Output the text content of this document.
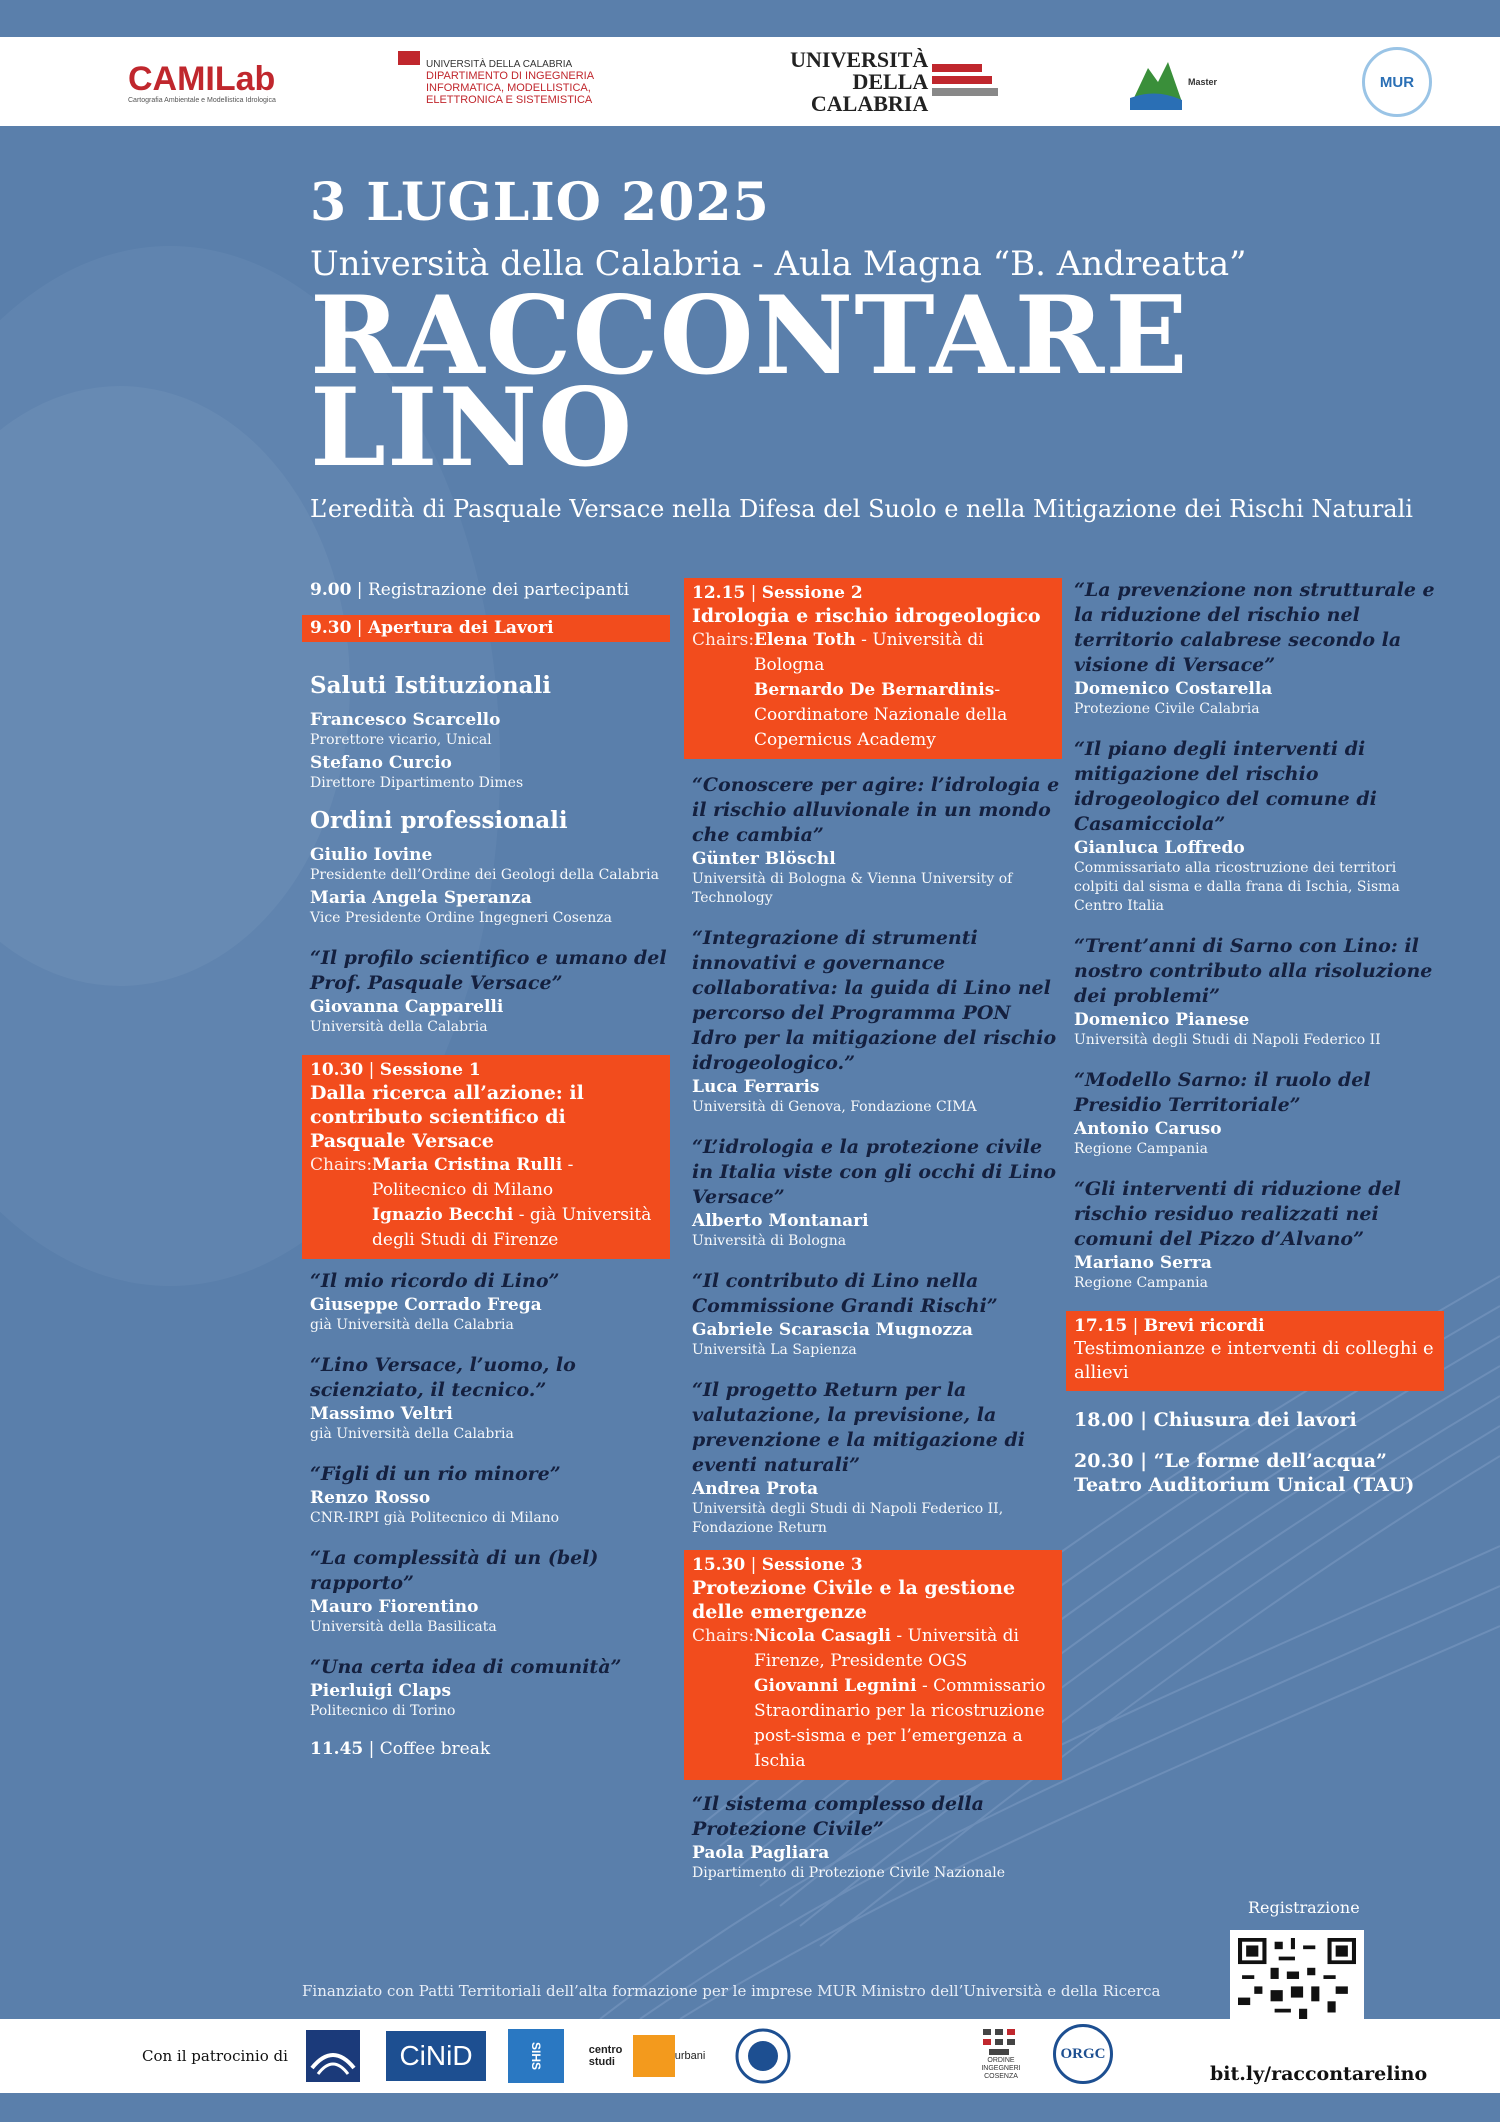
CAMILab
Cartografia Ambientale e Modellistica Idrologica
UNIVERSITÀ DELLA CALABRIA
DIPARTIMENTO DI INGEGNERIA INFORMATICA, MODELLISTICA, ELETTRONICA E SISTEMISTICA
UNIVERSITÀ
DELLA CALABRIA
Master	MUR
3 LUGLIO 2025
Università della Calabria - Aula Magna “B. Andreatta”
RACCONTARE
LINO
L’eredità di Pasquale Versace nella Difesa del Suolo e nella Mitigazione dei Rischi Naturali
9.00 | Registrazione dei partecipanti
9.30 | Apertura dei Lavori
Saluti Istituzionali
Francesco Scarcello
Prorettore vicario, Unical
Stefano Curcio
Direttore Dipartimento Dimes
Ordini professionali
Giulio Iovine
Presidente dell’Ordine dei Geologi della Calabria
Maria Angela Speranza
Vice Presidente Ordine Ingegneri Cosenza
“Il profilo scientifico e umano del Prof. Pasquale Versace”
Giovanna Capparelli
Università della Calabria
10.30 | Sessione 1
Dalla ricerca all’azione: il contributo scientifico di Pasquale Versace
Chairs: Maria Cristina Rulli - Politecnico di Milano
Ignazio Becchi - già Università degli Studi di Firenze
“Il mio ricordo di Lino”
Giuseppe Corrado Frega
già Università della Calabria
“Lino Versace, l’uomo, lo scienziato, il tecnico.”
Massimo Veltri
già Università della Calabria
“Figli di un rio minore”
Renzo Rosso
CNR-IRPI già Politecnico di Milano
“La complessità di un (bel) rapporto”
Mauro Fiorentino
Università della Basilicata
“Una certa idea di comunità”
Pierluigi Claps
Politecnico di Torino
11.45 | Coffee break
12.15 | Sessione 2
Idrologia e rischio idrogeologico
Chairs: Elena Toth - Università di Bologna
Bernardo De Bernardinis- Coordinatore Nazionale della Copernicus Academy
“Conoscere per agire: l’idrologia e il rischio alluvionale in un mondo che cambia”
Günter Blöschl
Università di Bologna & Vienna University of Technology
“Integrazione di strumenti innovativi e governance collaborativa: la guida di Lino nel percorso del Programma PON Idro per la mitigazione del rischio idrogeologico.”
Luca Ferraris
Università di Genova, Fondazione CIMA
“L’idrologia e la protezione civile in Italia viste con gli occhi di Lino Versace”
Alberto Montanari
Università di Bologna
“Il contributo di Lino nella Commissione Grandi Rischi”
Gabriele Scarascia Mugnozza
Università La Sapienza
“Il progetto Return per la valutazione, la previsione, la prevenzione e la mitigazione di eventi naturali”
Andrea Prota
Università degli Studi di Napoli Federico II, Fondazione Return
15.30 | Sessione 3
Protezione Civile e la gestione delle emergenze
Chairs: Nicola Casagli - Università di Firenze, Presidente OGS
Giovanni Legnini - Commissario Straordinario per la ricostruzione post-sisma e per l’emergenza a Ischia
“Il sistema complesso della Protezione Civile”
Paola Pagliara
Dipartimento di Protezione Civile Nazionale
“La prevenzione non strutturale e la riduzione del rischio nel territorio calabrese secondo la visione di Versace”
Domenico Costarella
Protezione Civile Calabria
“Il piano degli interventi di mitigazione del rischio idrogeologico del comune di Casamicciola”
Gianluca Loffredo
Commissariato alla ricostruzione dei territori colpiti dal sisma e dalla frana di Ischia, Sisma Centro Italia
“Trent’anni di Sarno con Lino: il nostro contributo alla risoluzione dei problemi”
Domenico Pianese
Università degli Studi di Napoli Federico II
“Modello Sarno: il ruolo del Presidio Territoriale”
Antonio Caruso
Regione Campania
“Gli interventi di riduzione del rischio residuo realizzati nei comuni del Pizzo d’Alvano”
Mariano Serra
Regione Campania
17.15 | Brevi ricordi
Testimonianze e interventi di colleghi e allievi
18.00 | Chiusura dei lavori
20.30 | “Le forme dell’acqua” Teatro Auditorium Unical (TAU)
Registrazione
Finanziato con Patti Territoriali dell’alta formazione per le imprese MUR Ministro dell’Università e della Ricerca
Con il patrocinio di	CiNiD	SIHS	centro studi	urbani	ORDINE INGEGNERI COSENZA
ORGC
bit.ly/raccontarelino
